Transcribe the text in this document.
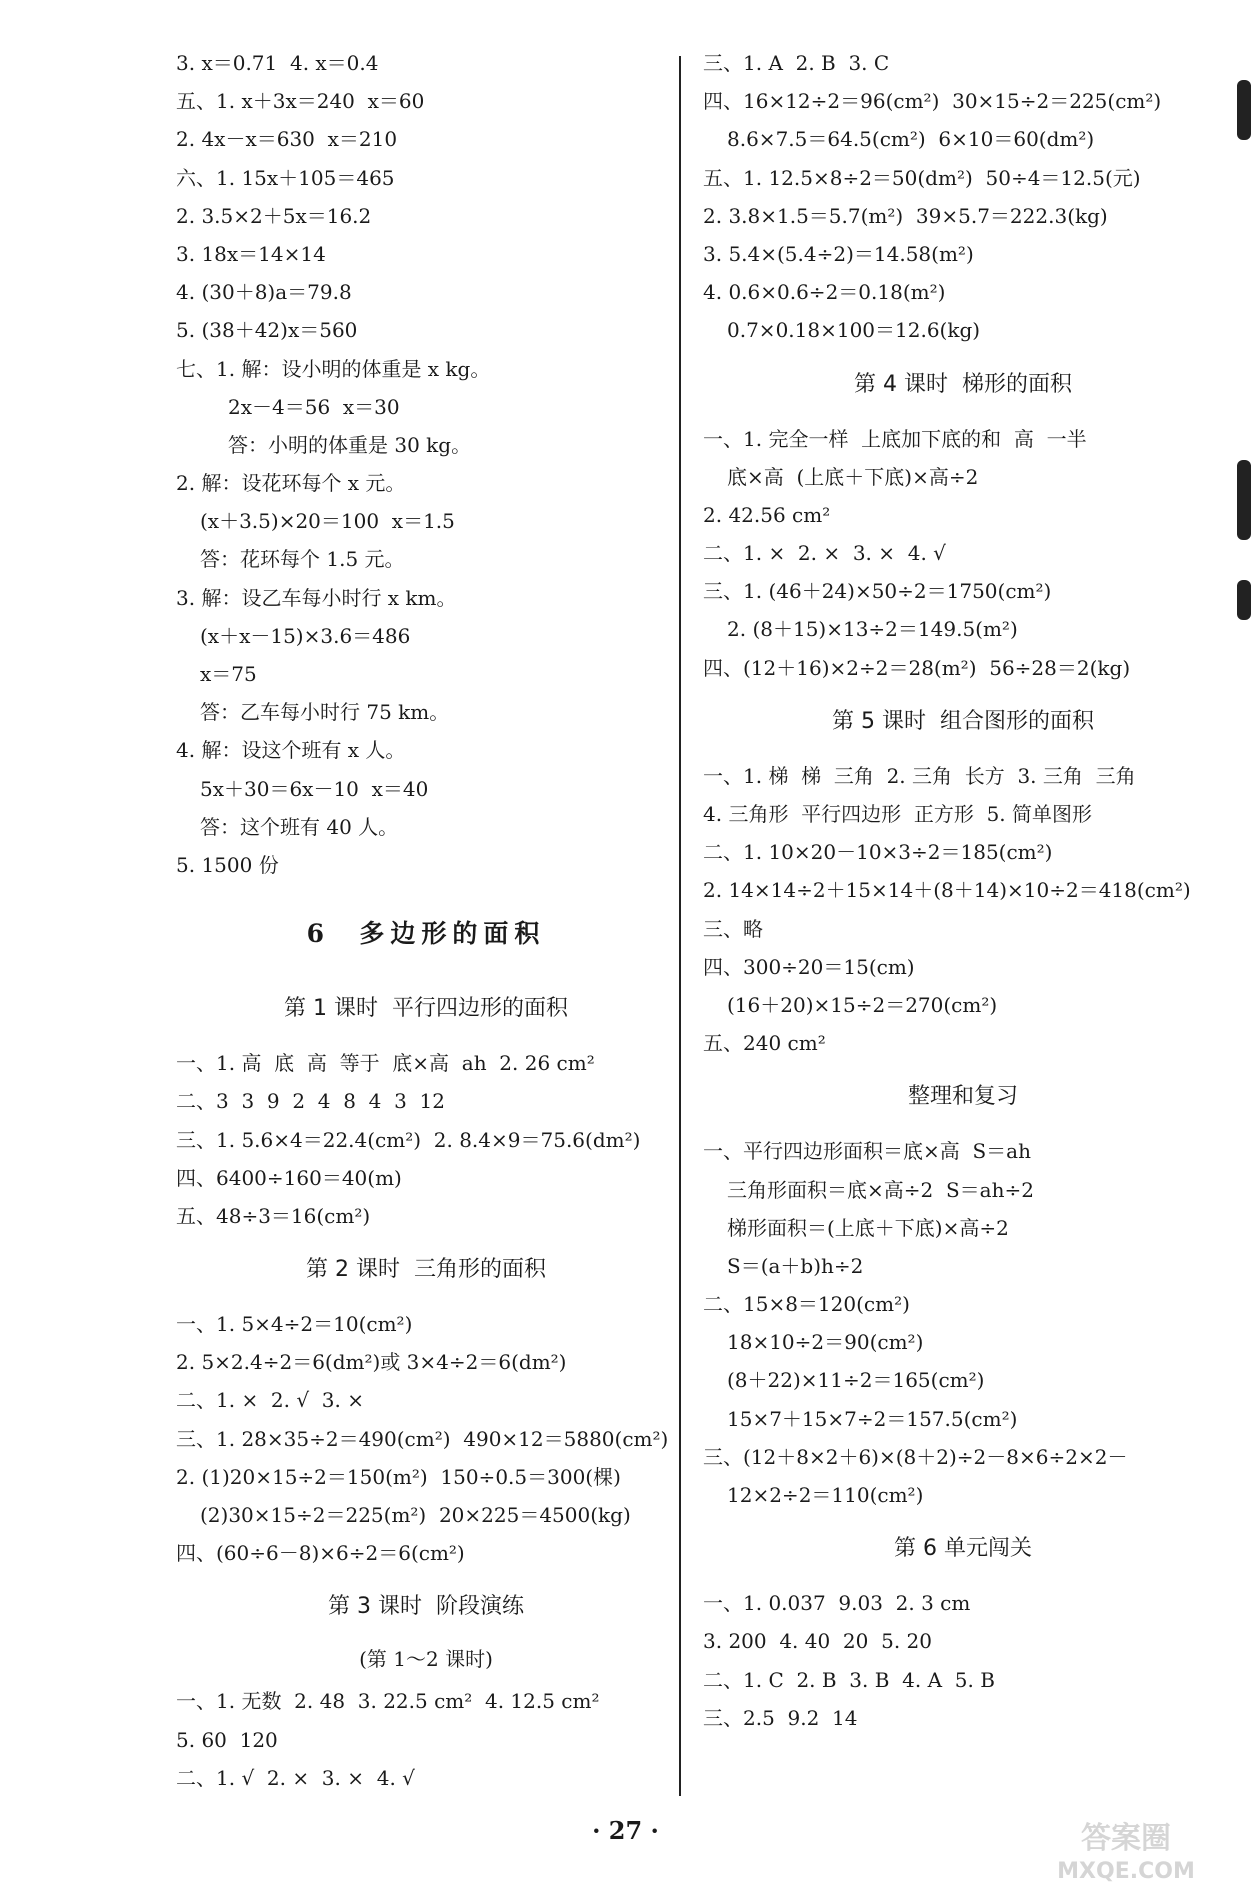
3. x＝0.71  4. x＝0.4
五、1. x＋3x＝240  x＝60
2. 4x－x＝630  x＝210
六、1. 15x＋105＝465
2. 3.5×2＋5x＝16.2
3. 18x＝14×14
4. (30＋8)a＝79.8
5. (38＋42)x＝560
七、1. 解：设小明的体重是 x kg。
2x－4＝56  x＝30
答：小明的体重是 30 kg。
2. 解：设花环每个 x 元。
(x＋3.5)×20＝100  x＝1.5
答：花环每个 1.5 元。
3. 解：设乙车每小时行 x km。
(x＋x－15)×3.6＝486
x＝75
答：乙车每小时行 75 km。
4. 解：设这个班有 x 人。
5x＋30＝6x－10  x＝40
答：这个班有 40 人。
5. 1500 份
6  多边形的面积
第 1 课时  平行四边形的面积
一、1. 高  底  高  等于  底×高  ah  2. 26 cm²
二、3  3  9  2  4  8  4  3  12
三、1. 5.6×4＝22.4(cm²)  2. 8.4×9＝75.6(dm²)
四、6400÷160＝40(m)
五、48÷3＝16(cm²)
第 2 课时  三角形的面积
一、1. 5×4÷2＝10(cm²)
2. 5×2.4÷2＝6(dm²)或 3×4÷2＝6(dm²)
二、1. ×  2. √  3. ×
三、1. 28×35÷2＝490(cm²)  490×12＝5880(cm²)
2. (1)20×15÷2＝150(m²)  150÷0.5＝300(棵)
(2)30×15÷2＝225(m²)  20×225＝4500(kg)
四、(60÷6－8)×6÷2＝6(cm²)
第 3 课时  阶段演练
(第 1～2 课时)
一、1. 无数  2. 48  3. 22.5 cm²  4. 12.5 cm²
5. 60  120
二、1. √  2. ×  3. ×  4. √
三、1. A  2. B  3. C
四、16×12÷2＝96(cm²)  30×15÷2＝225(cm²)
8.6×7.5＝64.5(cm²)  6×10＝60(dm²)
五、1. 12.5×8÷2＝50(dm²)  50÷4＝12.5(元)
2. 3.8×1.5＝5.7(m²)  39×5.7＝222.3(kg)
3. 5.4×(5.4÷2)＝14.58(m²)
4. 0.6×0.6÷2＝0.18(m²)
0.7×0.18×100＝12.6(kg)
第 4 课时  梯形的面积
一、1. 完全一样  上底加下底的和  高  一半
底×高  (上底＋下底)×高÷2
2. 42.56 cm²
二、1. ×  2. ×  3. ×  4. √
三、1. (46＋24)×50÷2＝1750(cm²)
2. (8＋15)×13÷2＝149.5(m²)
四、(12＋16)×2÷2＝28(m²)  56÷28＝2(kg)
第 5 课时  组合图形的面积
一、1. 梯  梯  三角  2. 三角  长方  3. 三角  三角
4. 三角形  平行四边形  正方形  5. 简单图形
二、1. 10×20－10×3÷2＝185(cm²)
2. 14×14÷2＋15×14＋(8＋14)×10÷2＝418(cm²)
三、略
四、300÷20＝15(cm)
(16＋20)×15÷2＝270(cm²)
五、240 cm²
整理和复习
一、平行四边形面积＝底×高  S＝ah
三角形面积＝底×高÷2  S＝ah÷2
梯形面积＝(上底＋下底)×高÷2
S＝(a＋b)h÷2
二、15×8＝120(cm²)
18×10÷2＝90(cm²)
(8＋22)×11÷2＝165(cm²)
15×7＋15×7÷2＝157.5(cm²)
三、(12＋8×2＋6)×(8＋2)÷2－8×6÷2×2－
12×2÷2＝110(cm²)
第 6 单元闯关
一、1. 0.037  9.03  2. 3 cm
3. 200  4. 40  20  5. 20
二、1. C  2. B  3. B  4. A  5. B
三、2.5  9.2  14
· 27 ·	答案圈
MXQE.COM
